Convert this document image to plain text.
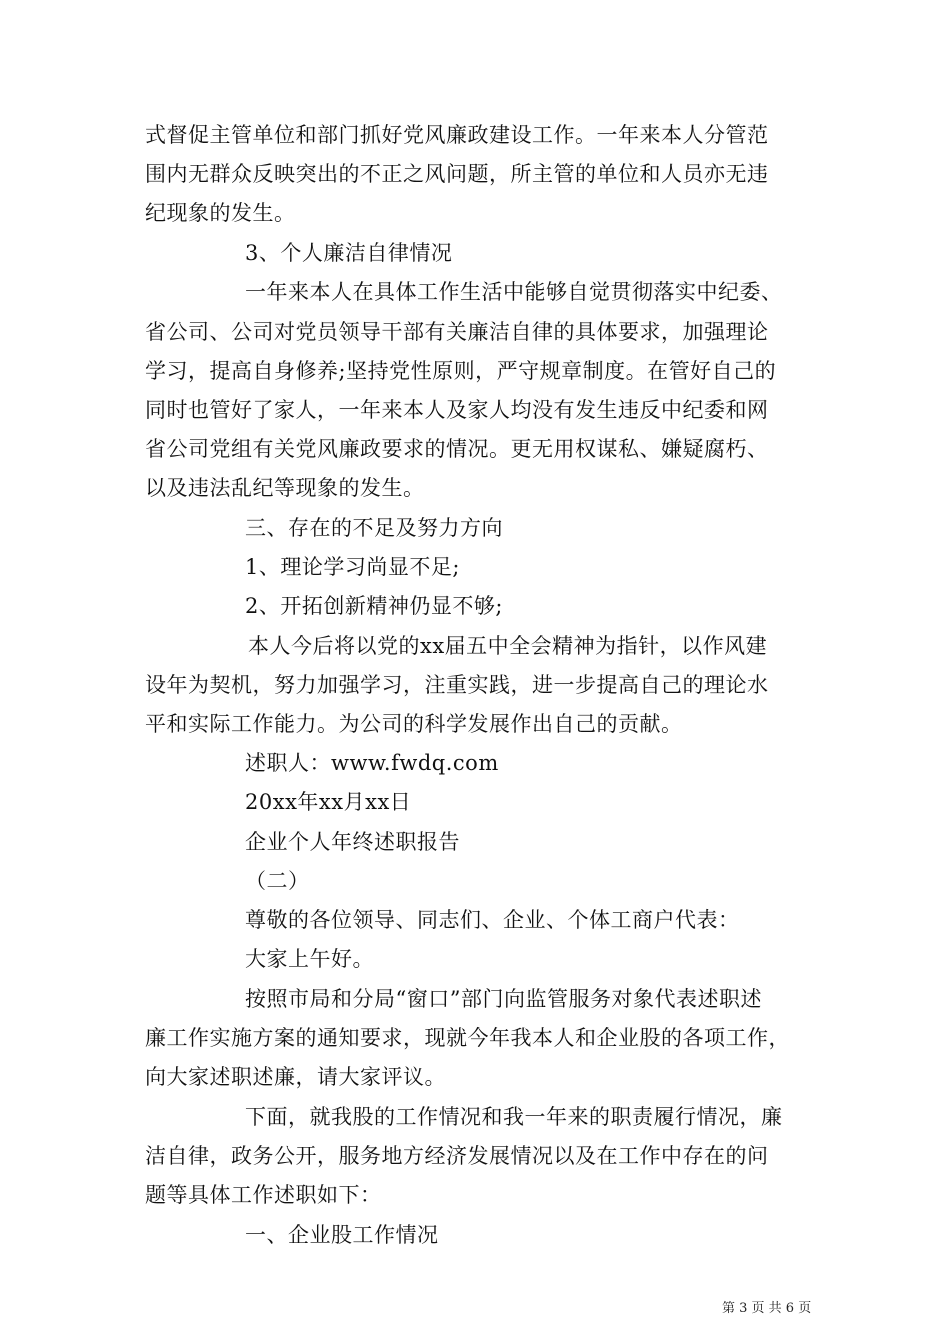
式督促主管单位和部门抓好党风廉政建设工作。一年来本人分管范
围内无群众反映突出的不正之风问题，所主管的单位和人员亦无违
纪现象的发生。
3、个人廉洁自律情况
一年来本人在具体工作生活中能够自觉贯彻落实中纪委、
省公司、公司对党员领导干部有关廉洁自律的具体要求，加强理论
学习，提高自身修养;坚持党性原则，严守规章制度。在管好自己的
同时也管好了家人，一年来本人及家人均没有发生违反中纪委和网
省公司党组有关党风廉政要求的情况。更无用权谋私、嫌疑腐朽、
以及违法乱纪等现象的发生。
三、存在的不足及努力方向
1、理论学习尚显不足;
2、开拓创新精神仍显不够;
本人今后将以党的xx届五中全会精神为指针，以作风建
设年为契机，努力加强学习，注重实践，进一步提高自己的理论水
平和实际工作能力。为公司的科学发展作出自己的贡献。
述职人：www.fwdq.com
20xx年xx月xx日
企业个人年终述职报告
（二）
尊敬的各位领导、同志们、企业、个体工商户代表：
大家上午好。
按照市局和分局“窗口”部门向监管服务对象代表述职述
廉工作实施方案的通知要求，现就今年我本人和企业股的各项工作，
向大家述职述廉，请大家评议。
下面，就我股的工作情况和我一年来的职责履行情况，廉
洁自律，政务公开，服务地方经济发展情况以及在工作中存在的问
题等具体工作述职如下：
一、企业股工作情况
第 3 页 共 6 页
